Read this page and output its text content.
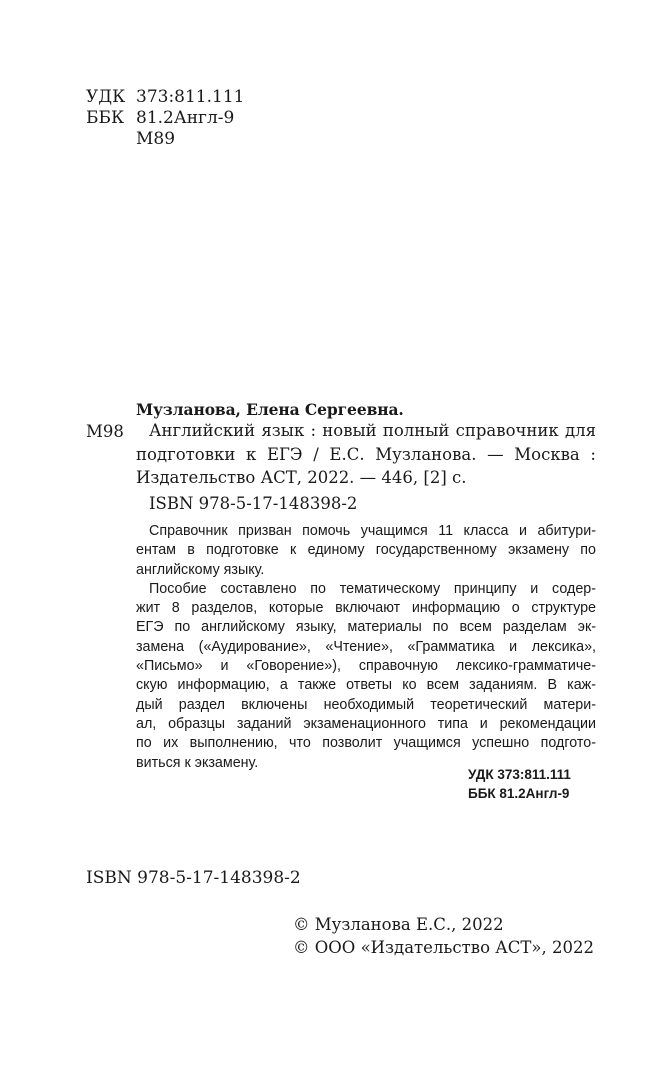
УДК 373:811.111
ББК 81.2Англ-9
М89
Музланова, Елена Сергеевна.
М98	Английский язык : новый полный справочник для
подготовки к ЕГЭ / Е.С. Музланова. — Москва :
Издательство АСТ, 2022. — 446, [2] с.
ISBN 978-5-17-148398-2
Справочник призван помочь учащимся 11 класса и абитури-
ентам в подготовке к единому государственному экзамену по
английскому языку.
Пособие составлено по тематическому принципу и содер-
жит 8 разделов, которые включают информацию о структуре
ЕГЭ по английскому языку, материалы по всем разделам эк-
замена («Аудирование», «Чтение», «Грамматика и лексика»,
«Письмо» и «Говорение»), справочную лексико-грамматиче-
скую информацию, а также ответы ко всем заданиям. В каж-
дый раздел включены необходимый теоретический матери-
ал, образцы заданий экзаменационного типа и рекомендации
по их выполнению, что позволит учащимся успешно подгото-
виться к экзамену.
УДК 373:811.111
ББК 81.2Англ-9
ISBN 978-5-17-148398-2
© Музланова Е.С., 2022
© ООО «Издательство АСТ», 2022
